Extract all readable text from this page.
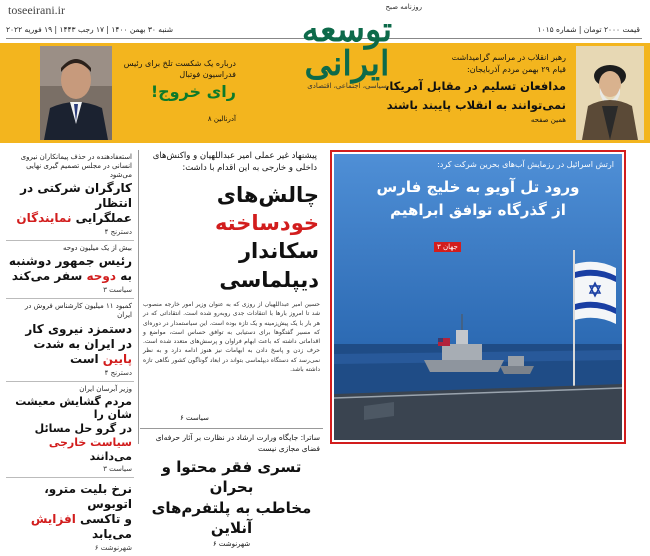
toseeirani.ir
قیمت ۲۰۰۰ تومان | شماره ۱۰۱۵
شنبه ۳۰ بهمن ۱۴۰۰ | ۱۷ رجب ۱۴۴۳ | ۱۹ فوریه ۲۰۲۲
روزنامه صبح
توسعه ایرانی
سیاسی، اجتماعی، اقتصادی
درباره یک شکست تلخ برای رئیس فدراسیون فوتبال
رای خروج!
آدرنالین ۸
رهبر انقلاب در مراسم گرامیداشت
قیام ۲۹ بهمن مردم آذربایجان:
مدافعان تسلیم در مقابل آمریکا،
نمی‌توانند به انقلاب پایبند باشند
همین صفحه
استعفادهنده در حذف پیمانکاران نیروی انسانی در مجلس تصمیم گیری نهایی می‌شود
کارگران شرکتی در انتظار
عملگرایی نمایندگان
دسترنج ۴
بیش از یک میلیون دوحه
رئیس جمهور دوشنبه
به دوحه سفر می‌کند
سیاست ۳
کمبود ۱۱ میلیون کارشناس فروش در ایران
دستمزد نیروی کار
در ایران به شدت پایین است
دسترنج ۴
وزیر آبرسان ایران
مردم گشایش معیشت شان را
در گرو حل مسائل
سیاست خارجی می‌دانند
سیاست ۳
نرخ بلیت مترو، اتوبوس
و تاکسی افزایش می‌یابد
شهرنوشت ۶
پیشنهاد غیر عملی امیر عبداللهیان و واکنش‌های داخلی و خارجی به این اقدام با داشت:
چالش‌های خودساخته
سکاندار دیپلماسی
حسین امیر عبداللهیان از روزی که به عنوان وزیر امور خارجه منصوب شد تا امروز بارها با انتقادات جدی روبه‌رو شده است. انتقاداتی که در هر بار با یک پیش‌زمینه و یک تازه بوده است. این سیاستمدار در دوره‌ای که مسیر گفتگوها برای دستیابی به توافق حساس است، مواضع و اقداماتی داشته که باعث ابهام فراوان و پرسش‌های متعدد شده است. حرف زدن و پاسخ دادن به ابهامات نیز هنوز ادامه دارد و به نظر نمی‌رسد که دستگاه دیپلماسی بتواند در ابعاد گوناگون کشور نگاهی تازه داشته باشد.
سیاست ۶
ساترا: جایگاه ورارت ارشاد در نظارت بر آثار حرفه‌ای فضای مجازی نیست
تسری فقر محتوا و بحران
مخاطب به پلتفرم‌های آنلاین
شهرنوشت ۶
ارتش اسرائیل در رزمایش آب‌های بحرین شرکت کرد:
ورود تل آویو به خلیج فارس
از گذرگاه توافق ابراهیم
جهان ۳
